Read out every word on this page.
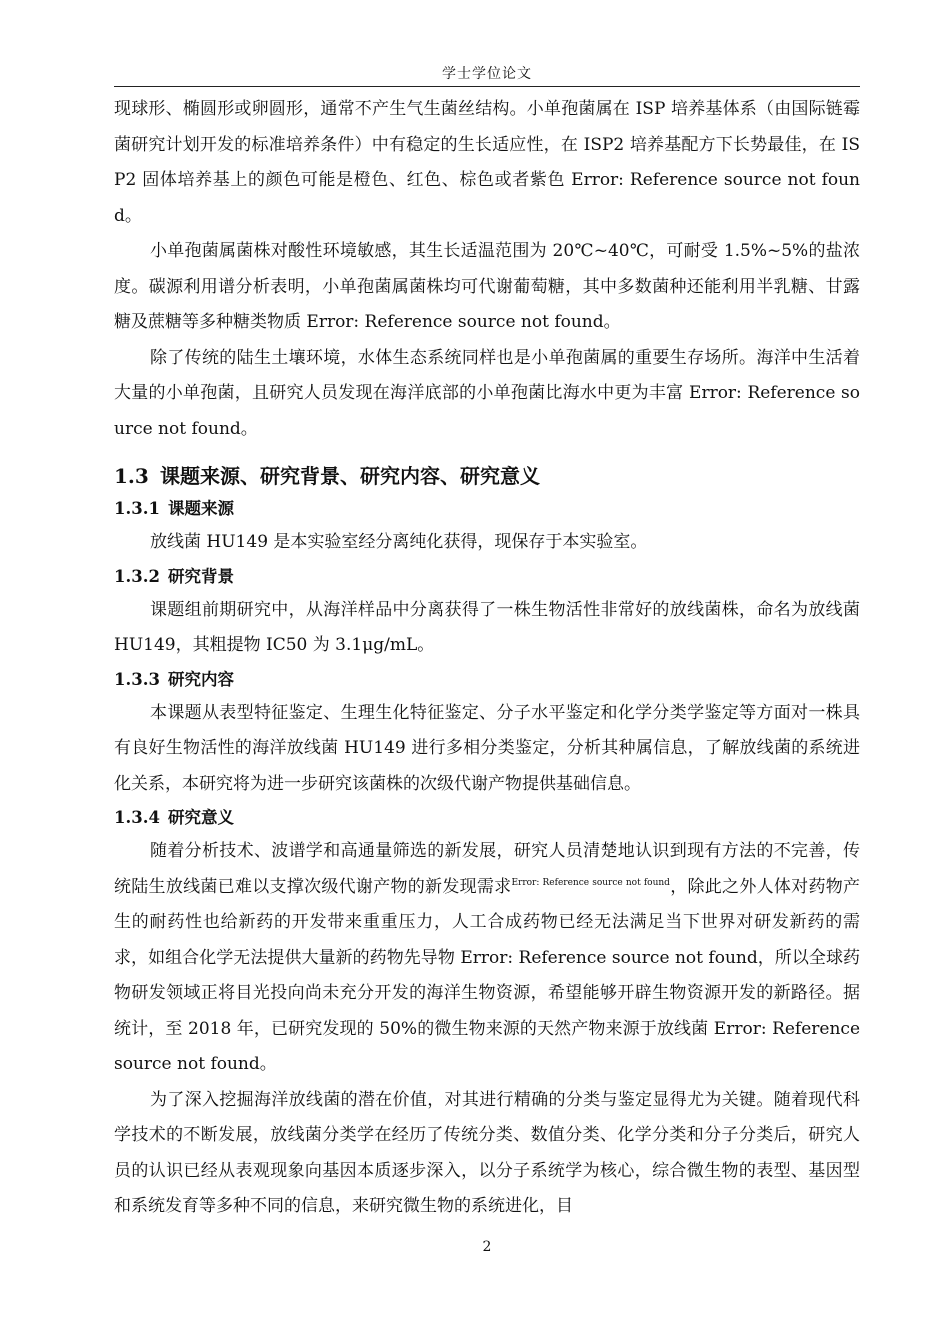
学士学位论文

现球形、椭圆形或卵圆形，通常不产生气生菌丝结构。小单孢菌属在 ISP 培养基体系（由国际链霉菌研究计划开发的标准培养条件）中有稳定的生长适应性，在 ISP2 培养基配方下长势最佳，在 ISP2 固体培养基上的颜色可能是橙色、红色、棕色或者紫色 Error: Reference source not found。

小单孢菌属菌株对酸性环境敏感，其生长适温范围为 20℃~40℃，可耐受 1.5%~5%的盐浓度。碳源利用谱分析表明，小单孢菌属菌株均可代谢葡萄糖，其中多数菌种还能利用半乳糖、甘露糖及蔗糖等多种糖类物质 Error: Reference source not found。

除了传统的陆生土壤环境，水体生态系统同样也是小单孢菌属的重要生存场所。海洋中生活着大量的小单孢菌，且研究人员发现在海洋底部的小单孢菌比海水中更为丰富 Error: Reference source not found。

1.3 课题来源、研究背景、研究内容、研究意义
1.3.1 课题来源

放线菌 HU149 是本实验室经分离纯化获得，现保存于本实验室。

1.3.2 研究背景

课题组前期研究中，从海洋样品中分离获得了一株生物活性非常好的放线菌株，命名为放线菌 HU149，其粗提物 IC50 为 3.1μg/mL。

1.3.3 研究内容

本课题从表型特征鉴定、生理生化特征鉴定、分子水平鉴定和化学分类学鉴定等方面对一株具有良好生物活性的海洋放线菌 HU149 进行多相分类鉴定，分析其种属信息，了解放线菌的系统进化关系，本研究将为进一步研究该菌株的次级代谢产物提供基础信息。

1.3.4 研究意义

随着分析技术、波谱学和高通量筛选的新发展，研究人员清楚地认识到现有方法的不完善，传统陆生放线菌已难以支撑次级代谢产物的新发现需求$^{Error: Reference source not found}$，除此之外人体对药物产生的耐药性也给新药的开发带来重重压力，人工合成药物已经无法满足当下世界对研发新药的需求，如组合化学无法提供大量新的药物先导物 Error: Reference source not found，所以全球药物研发领域正将目光投向尚未充分开发的海洋生物资源，希望能够开辟生物资源开发的新路径。据统计，至 2018 年，已研究发现的 50%的微生物来源的天然产物来源于放线菌 Error: Reference source not found。

为了深入挖掘海洋放线菌的潜在价值，对其进行精确的分类与鉴定显得尤为关键。随着现代科学技术的不断发展，放线菌分类学在经历了传统分类、数值分类、化学分类和分子分类后，研究人员的认识已经从表观现象向基因本质逐步深入，以分子系统学为核心，综合微生物的表型、基因型和系统发育等多种不同的信息，来研究微生物的系统进化，目

2
